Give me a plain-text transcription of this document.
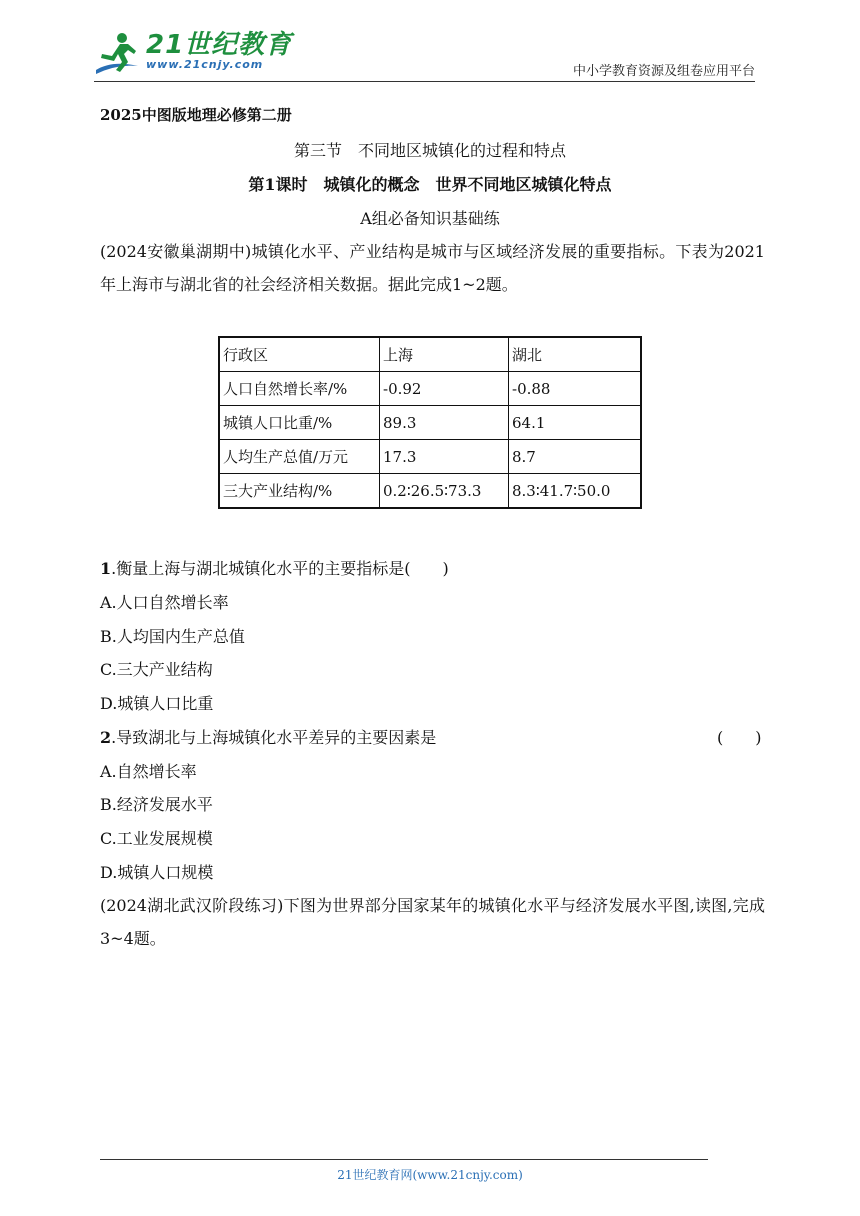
21世纪教育
www.21cnjy.com	中小学教育资源及组卷应用平台
2025中图版地理必修第二册
第三节　不同地区城镇化的过程和特点
第1课时　城镇化的概念　世界不同地区城镇化特点
A组必备知识基础练
(2024安徽巢湖期中)城镇化水平、产业结构是城市与区域经济发展的重要指标。下表为2021年上海市与湖北省的社会经济相关数据。据此完成1~2题。
行政区	上海	湖北
人口自然增长率/%	-0.92	-0.88
城镇人口比重/%	89.3	64.1
人均生产总值/万元	17.3	8.7
三大产业结构/%	0.2∶26.5∶73.3	8.3∶41.7∶50.0
1.衡量上海与湖北城镇化水平的主要指标是(　　)
A.人口自然增长率
B.人均国内生产总值
C.三大产业结构
D.城镇人口比重
2.导致湖北与上海城镇化水平差异的主要因素是	(　　)
A.自然增长率
B.经济发展水平
C.工业发展规模
D.城镇人口规模
(2024湖北武汉阶段练习)下图为世界部分国家某年的城镇化水平与经济发展水平图,读图,完成3~4题。
21世纪教育网(www.21cnjy.com)
